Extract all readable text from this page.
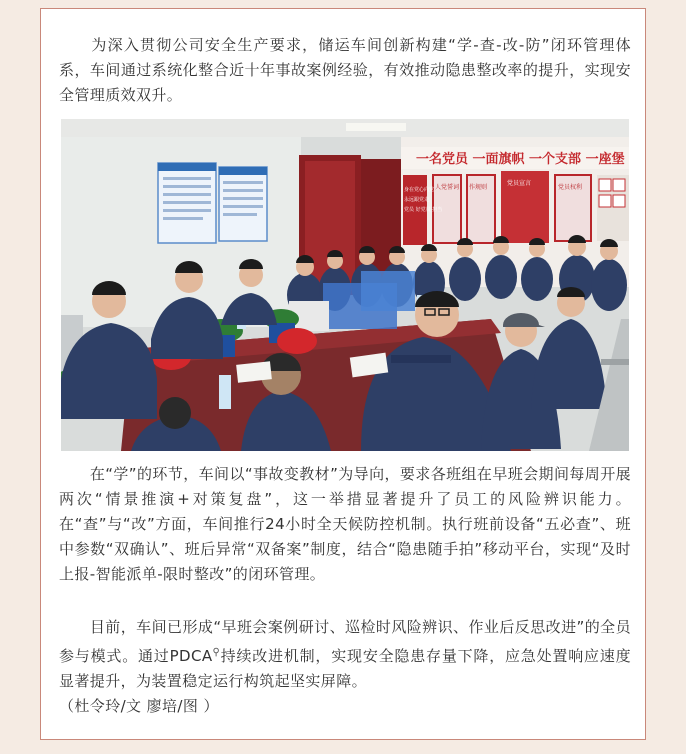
　　为深入贯彻公司安全生产要求，储运车间创新构建“学-查-改-防”闭环管理体系，车间通过系统化整合近十年事故案例经验，有效推动隐患整改率的提升，实现安全管理质效双升。

一名党员 一面旗帜 一个支部 一座堡
人党誓词 作规则
党员宣言
党员权利
身在党心向党
永远跟党走
党员 好党员 担当

　　在“学”的环节，车间以“事故变教材”为导向，要求各班组在早班会期间每周开展两次“情景推演+对策复盘”，这一举措显著提升了员工的风险辨识能力。在“查”与“改”方面，车间推行24小时全天候防控机制。执行班前设备“五必查”、班中参数“双确认”、班后异常“双备案”制度，结合“隐患随手拍”移动平台，实现“及时上报-智能派单-限时整改”的闭环管理。

　　目前，车间已形成“早班会案例研讨、巡检时风险辨识、作业后反思改进”的全员参与模式。通过PDCA⚲持续改进机制，实现安全隐患存量下降，应急处置响应速度显著提升，为装置稳定运行构筑起坚实屏障。
（杜令玲/文 廖培/图 ）
